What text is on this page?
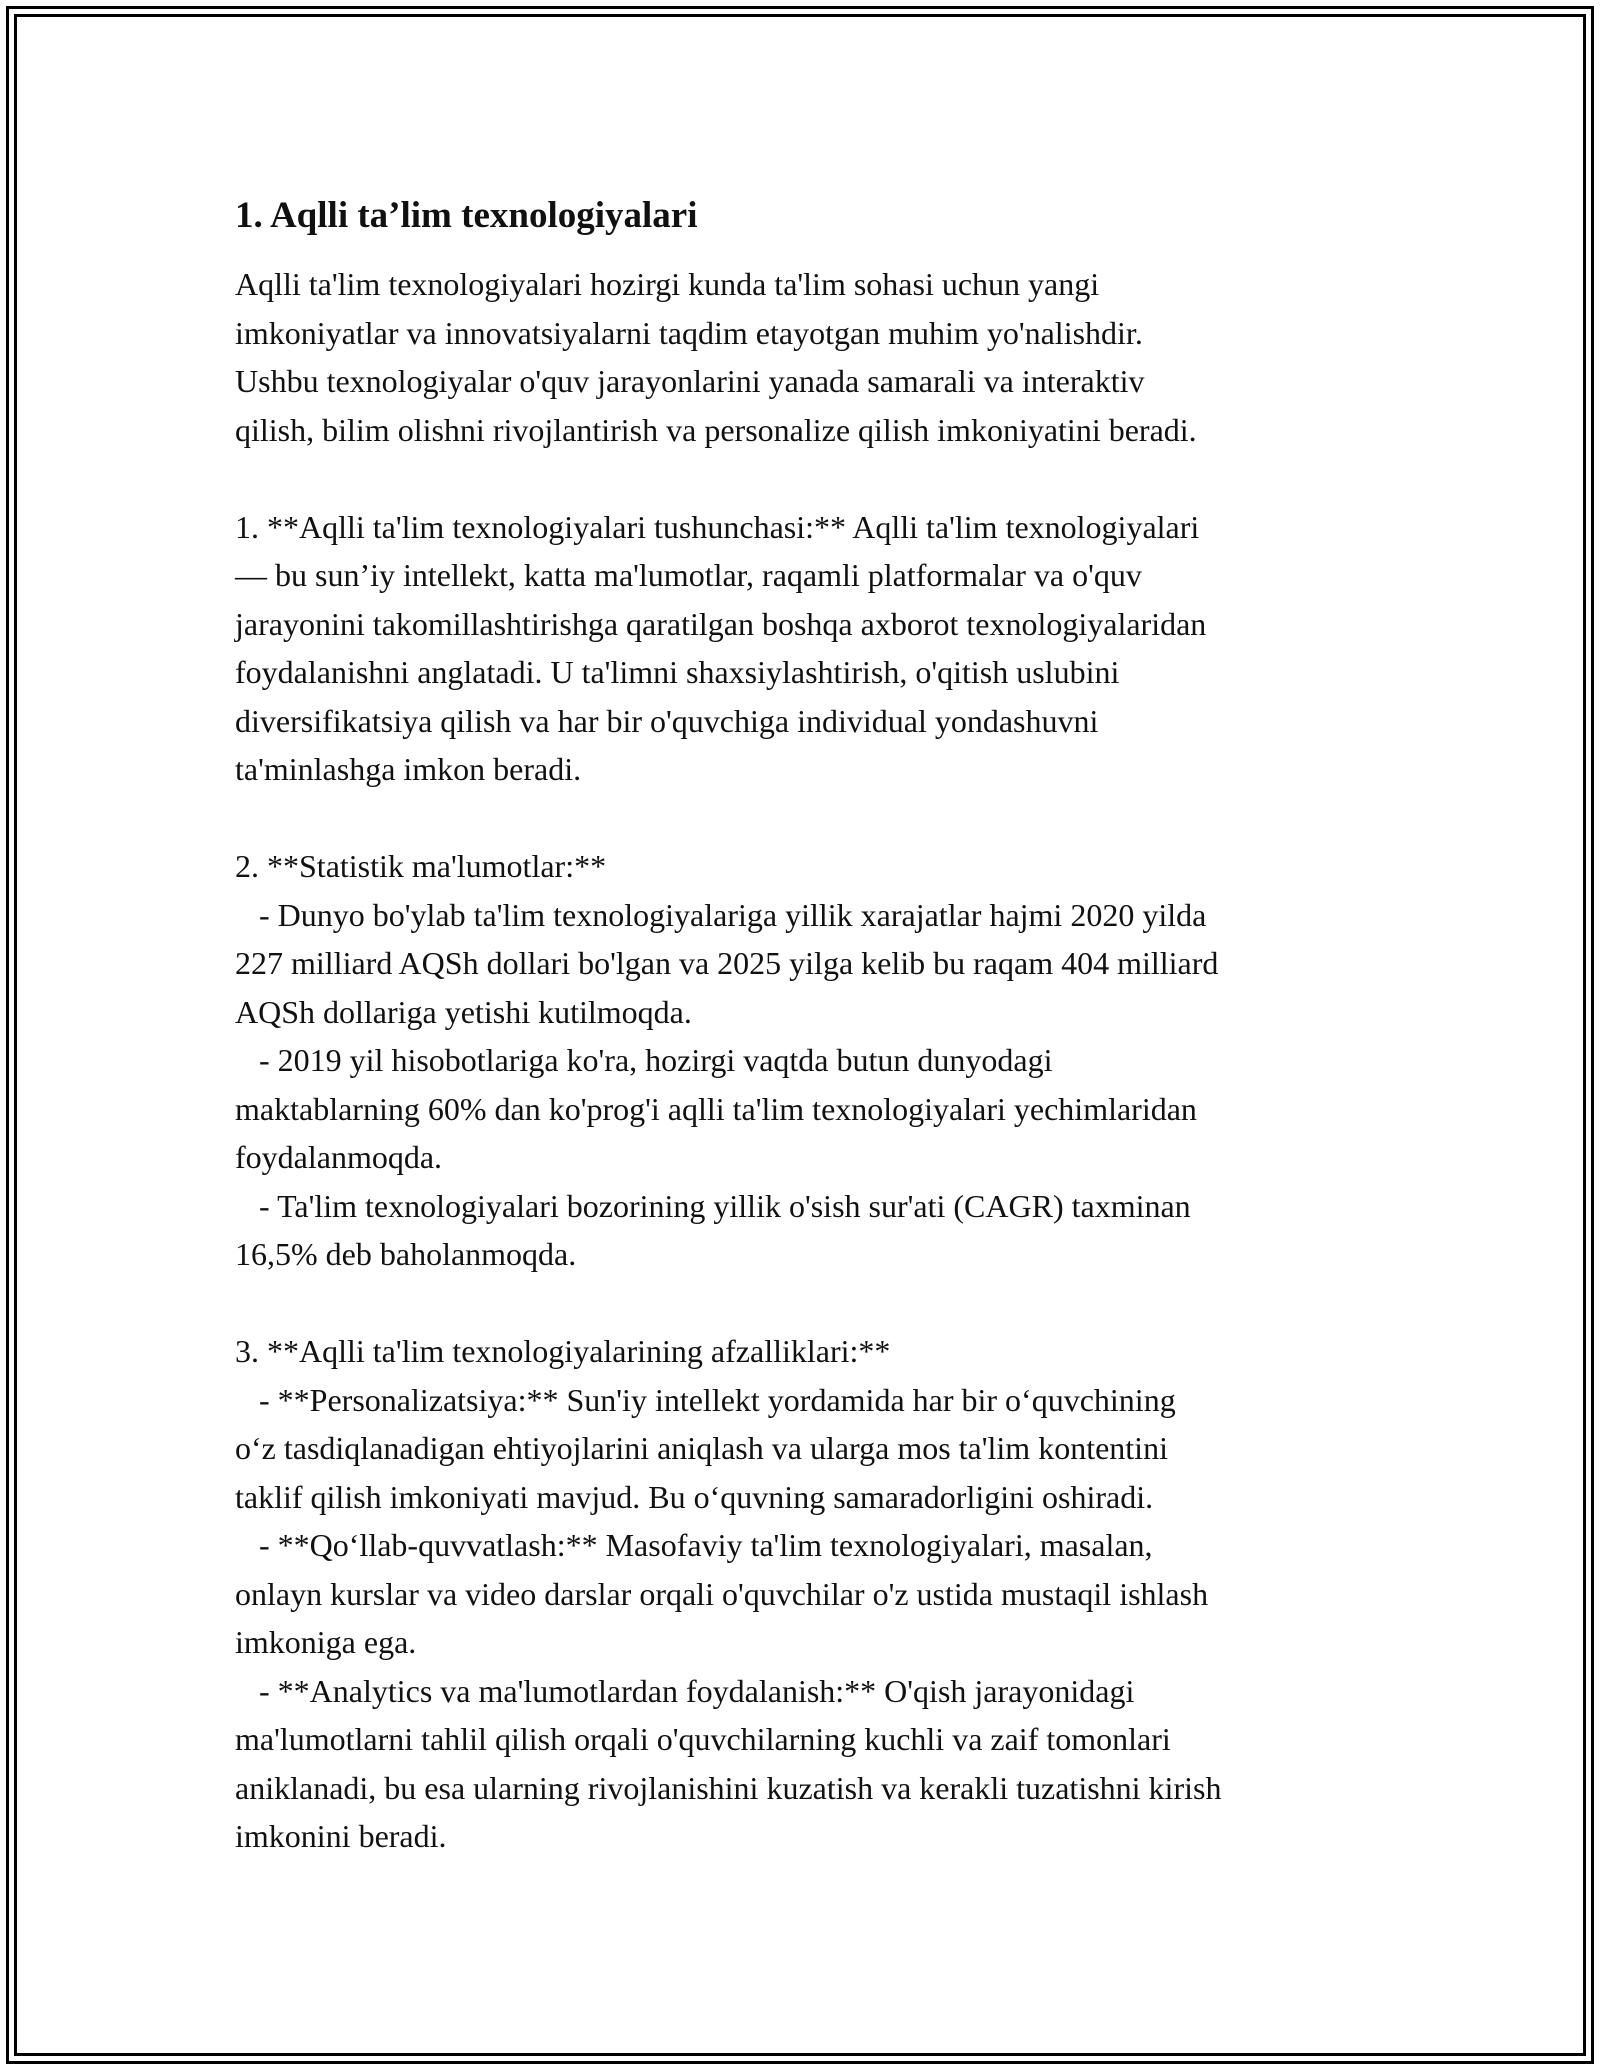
1. Aqlli ta’lim texnologiyalari
Aqlli ta'lim texnologiyalari hozirgi kunda ta'lim sohasi uchun yangi
imkoniyatlar va innovatsiyalarni taqdim etayotgan muhim yo'nalishdir.
Ushbu texnologiyalar o'quv jarayonlarini yanada samarali va interaktiv
qilish, bilim olishni rivojlantirish va personalize qilish imkoniyatini beradi.
1. **Aqlli ta'lim texnologiyalari tushunchasi:** Aqlli ta'lim texnologiyalari
— bu sun’iy intellekt, katta ma'lumotlar, raqamli platformalar va o'quv
jarayonini takomillashtirishga qaratilgan boshqa axborot texnologiyalaridan
foydalanishni anglatadi. U ta'limni shaxsiylashtirish, o'qitish uslubini
diversifikatsiya qilish va har bir o'quvchiga individual yondashuvni
ta'minlashga imkon beradi.
2. **Statistik ma'lumotlar:**
- Dunyo bo'ylab ta'lim texnologiyalariga yillik xarajatlar hajmi 2020 yilda
227 milliard AQSh dollari bo'lgan va 2025 yilga kelib bu raqam 404 milliard
AQSh dollariga yetishi kutilmoqda.
- 2019 yil hisobotlariga ko'ra, hozirgi vaqtda butun dunyodagi
maktablarning 60% dan ko'prog'i aqlli ta'lim texnologiyalari yechimlaridan
foydalanmoqda.
- Ta'lim texnologiyalari bozorining yillik o'sish sur'ati (CAGR) taxminan
16,5% deb baholanmoqda.
3. **Aqlli ta'lim texnologiyalarining afzalliklari:**
- **Personalizatsiya:** Sun'iy intellekt yordamida har bir o‘quvchining
o‘z tasdiqlanadigan ehtiyojlarini aniqlash va ularga mos ta'lim kontentini
taklif qilish imkoniyati mavjud. Bu o‘quvning samaradorligini oshiradi.
- **Qo‘llab-quvvatlash:** Masofaviy ta'lim texnologiyalari, masalan,
onlayn kurslar va video darslar orqali o'quvchilar o'z ustida mustaqil ishlash
imkoniga ega.
- **Analytics va ma'lumotlardan foydalanish:** O'qish jarayonidagi
ma'lumotlarni tahlil qilish orqali o'quvchilarning kuchli va zaif tomonlari
aniklanadi, bu esa ularning rivojlanishini kuzatish va kerakli tuzatishni kirish
imkonini beradi.
